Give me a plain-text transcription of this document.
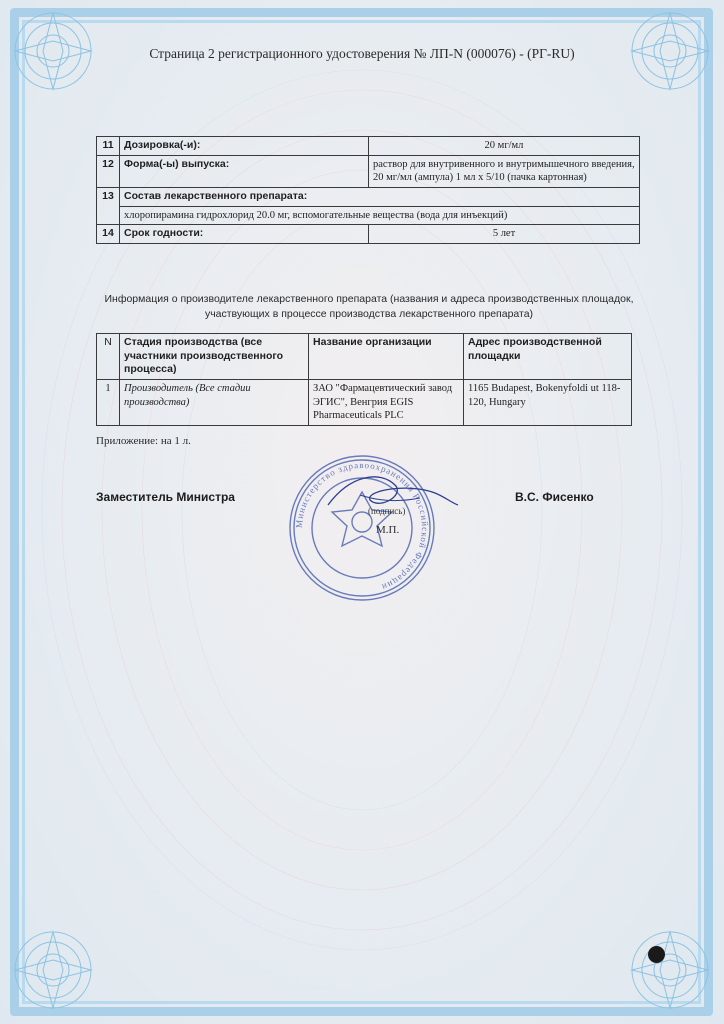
Страница 2 регистрационного удостоверения № ЛП-N (000076) - (РГ-RU)
11	Дозировка(-и):	20 мг/мл
12	Форма(-ы) выпуска:	раствор для внутривенного и внутримышечного введения, 20 мг/мл (ампула) 1 мл x 5/10 (пачка картонная)
13	Состав лекарственного препарата:	
	хлоропирамина гидрохлорид 20.0 мг, вспомогательные вещества (вода для инъекций)	
14	Срок годности:	5 лет
Информация о производителе лекарственного препарата (названия и адреса производственных площадок,
участвующих в процессе производства лекарственного препарата)
N	Стадия производства (все участники производственного процесса)	Название организации	Адрес производственной площадки
1	Производитель (Все стадии производства)	ЗАО "Фармацевтический завод ЭГИС", Венгрия EGIS Pharmaceuticals PLC	1165 Budapest, Bokenyfoldi ut 118-120, Hungary
Приложение: на 1 л.
Министерство здравоохранения Российской Федерации
Заместитель Министра	В.С. Фисенко
(подпись)
М.П.
